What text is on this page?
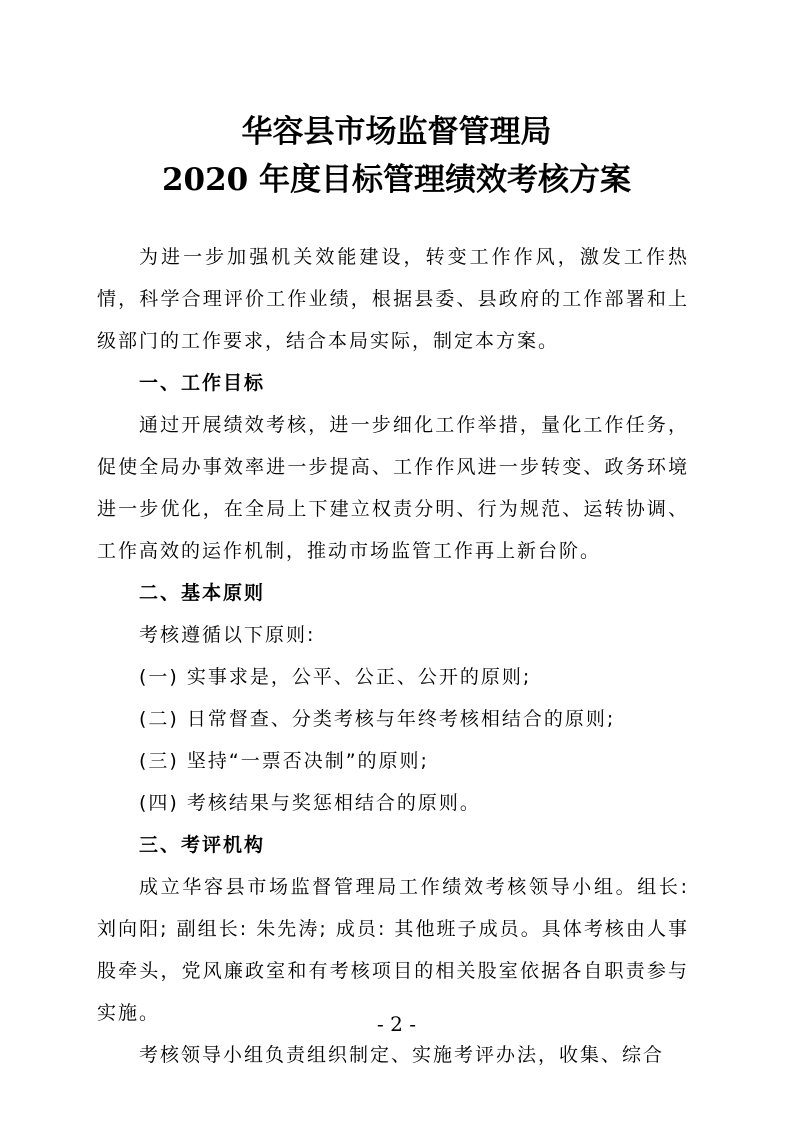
华容县市场监督管理局
2020 年度目标管理绩效考核方案

为进一步加强机关效能建设，转变工作作风，激发工作热情，科学合理评价工作业绩，根据县委、县政府的工作部署和上级部门的工作要求，结合本局实际，制定本方案。

一、工作目标

通过开展绩效考核，进一步细化工作举措，量化工作任务，促使全局办事效率进一步提高、工作作风进一步转变、政务环境进一步优化，在全局上下建立权责分明、行为规范、运转协调、工作高效的运作机制，推动市场监管工作再上新台阶。

二、基本原则

考核遵循以下原则:

(一) 实事求是，公平、公正、公开的原则;

(二) 日常督查、分类考核与年终考核相结合的原则;

(三) 坚持“一票否决制”的原则;

(四) 考核结果与奖惩相结合的原则。

三、考评机构

成立华容县市场监督管理局工作绩效考核领导小组。组长: 刘向阳; 副组长: 朱先涛; 成员: 其他班子成员。具体考核由人事股牵头，党风廉政室和有考核项目的相关股室依据各自职责参与实施。

考核领导小组负责组织制定、实施考评办法，收集、综合

- 2 -
